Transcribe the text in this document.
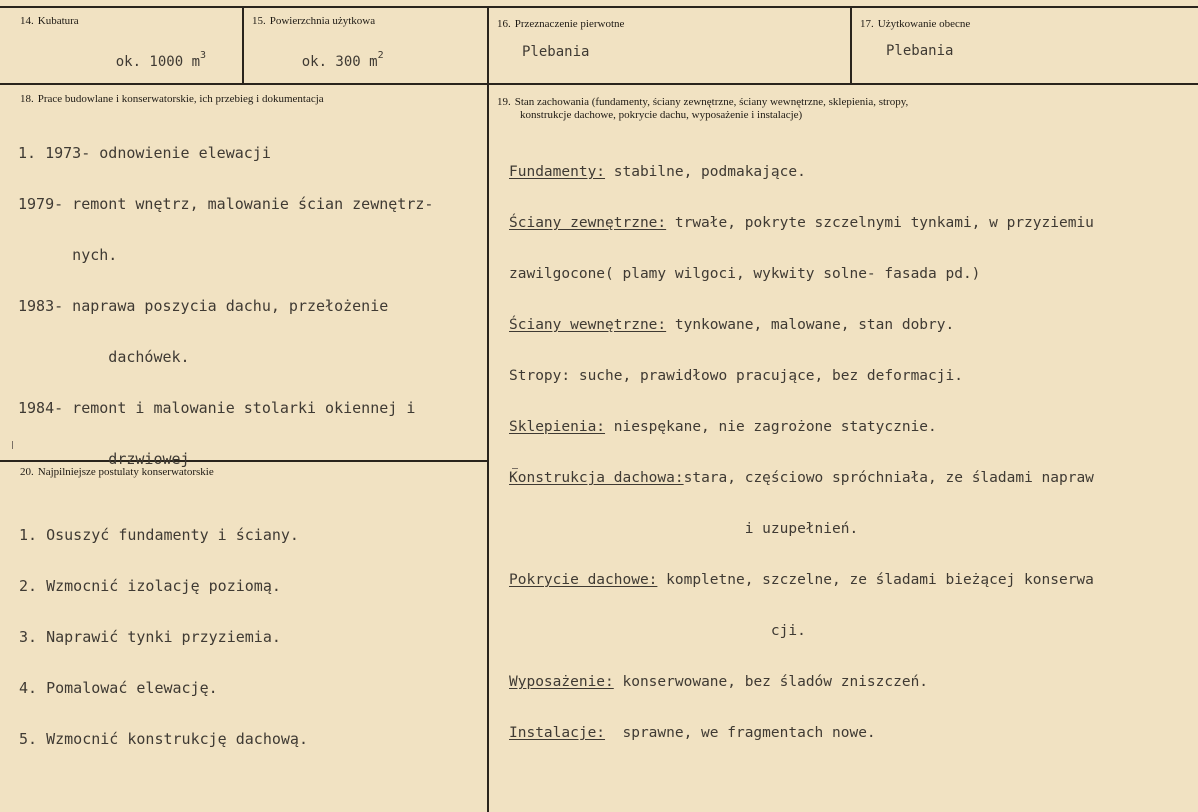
14. Kubatura

ok. 1000 $m^3$

15. Powierzchnia użytkowa

ok. 300 $m^2$

16. Przeznaczenie pierwotne
Plebania
17. Użytkowanie obecne
Plebania
18. Prace budowlane i konserwatorskie, ich przebieg i dokumentacja

1. 1973- odnowienie elewacji

1979- remont wnętrz, malowanie ścian zewnętrz-

nych.

1983- naprawa poszycia dachu, przełożenie

dachówek.

1984- remont i malowanie stolarki okiennej i

drzwiowej

19. Stan zachowania (fundamenty, ściany zewnętrzne, ściany wewnętrzne, sklepienia, stropy,
konstrukcje dachowe, pokrycie dachu, wyposażenie i instalacje)

Fundamenty: stabilne, podmakające.

Ściany zewnętrzne: trwałe, pokryte szczelnymi tynkami, w przyziemiu

zawilgocone( plamy wilgoci, wykwity solne- fasada pd.)

Ściany wewnętrzne: tynkowane, malowane, stan dobry.

Stropy: suche, prawidłowo pracujące, bez deformacji.

Sklepienia: niespękane, nie zagrożone statycznie.

Konstrukcja dachowa:stara, częściowo spróchniała, ze śladami napraw

i uzupełnień.

Pokrycie dachowe: kompletne, szczelne, ze śladami bieżącej konserwa

cji.

Wyposażenie: konserwowane, bez śladów zniszczeń.

Instalacje:  sprawne, we fragmentach nowe.

20. Najpilniejsze postulaty konserwatorskie

1. Osuszyć fundamenty i ściany.

2. Wzmocnić izolację poziomą.

3. Naprawić tynki przyziemia.

4. Pomalować elewację.

5. Wzmocnić konstrukcję dachową.
